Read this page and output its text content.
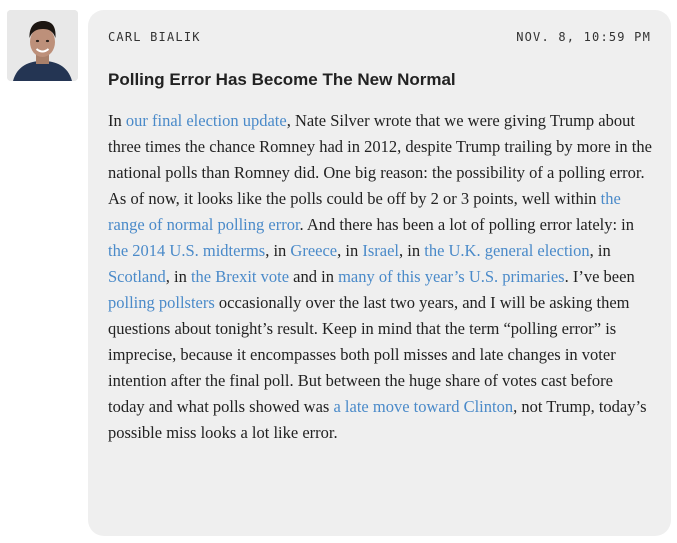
CARL BIALIK	NOV. 8, 10:59 PM
Polling Error Has Become The New Normal

In our final election update, Nate Silver wrote that we were giving Trump about three times the chance Romney had in 2012, despite Trump trailing by more in the national polls than Romney did. One big reason: the possibility of a polling error. As of now, it looks like the polls could be off by 2 or 3 points, well within the range of normal polling error. And there has been a lot of polling error lately: in the 2014 U.S. midterms, in Greece, in Israel, in the U.K. general election, in Scotland, in the Brexit vote and in many of this year’s U.S. primaries. I’ve been polling pollsters occasionally over the last two years, and I will be asking them questions about tonight’s result. Keep in mind that the term “polling error” is imprecise, because it encompasses both poll misses and late changes in voter intention after the final poll. But between the huge share of votes cast before today and what polls showed was a late move toward Clinton, not Trump, today’s possible miss looks a lot like error.
